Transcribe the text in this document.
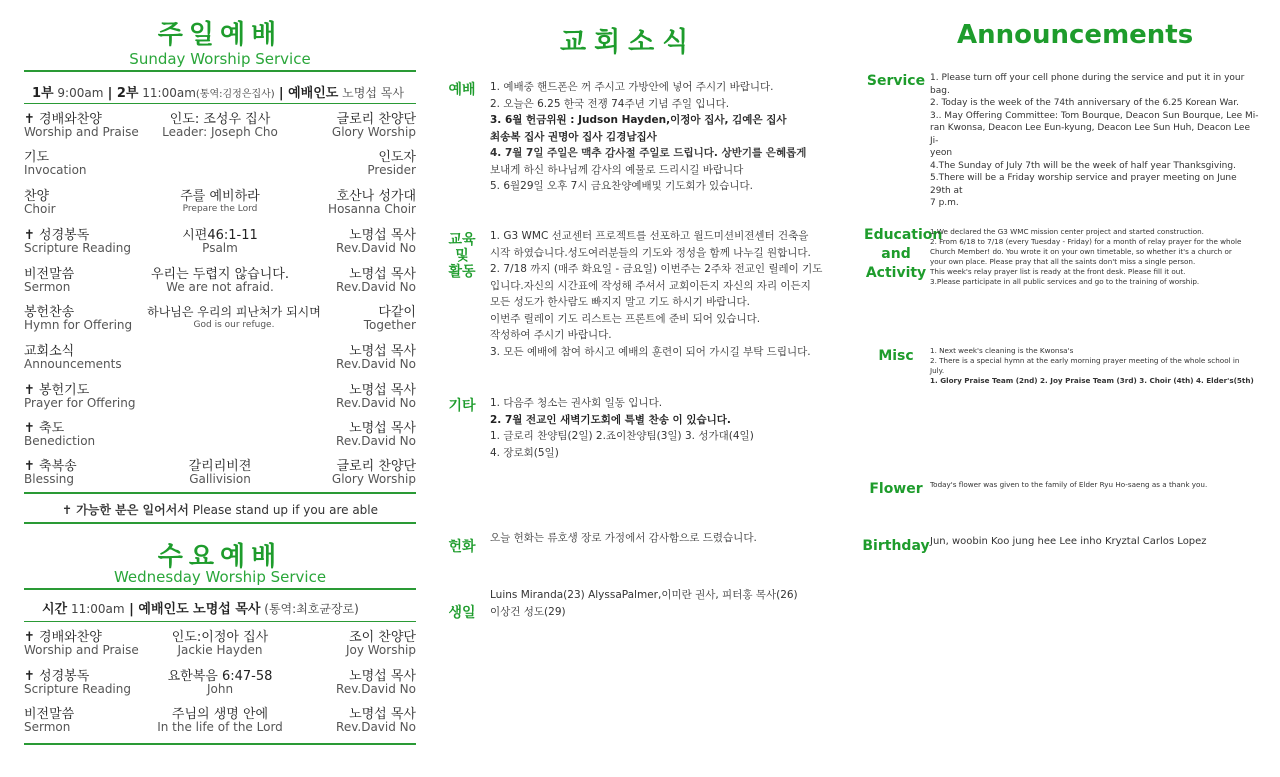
주일예배
Sunday Worship Service
1부 9:00am | 2부 11:00am(통역:김정은집사) | 예배인도 노명섭 목사
✝ 경배와찬양
Worship and Praise
인도: 조성우 집사
Leader: Joseph Cho
글로리 찬양단
Glory Worship
기도
Invocation
인도자
Presider
찬양
Choir
주를 예비하라
Prepare the Lord
호산나 성가대
Hosanna Choir
✝ 성경봉독
Scripture Reading
시편46:1-11
Psalm
노명섭 목사
Rev.David No
비전말씀
Sermon
우리는 두렵지 않습니다.
We are not afraid.
노명섭 목사
Rev.David No
봉헌찬송
Hymn for Offering
하나님은 우리의 피난처가 되시며
God is our refuge.
다같이
Together
교회소식
Announcements
노명섭 목사
Rev.David No
✝ 봉헌기도
Prayer for Offering
노명섭 목사
Rev.David No
✝ 축도
Benediction
노명섭 목사
Rev.David No
✝ 축복송
Blessing
갈리리비젼
Gallivision
글로리 찬양단
Glory Worship
✝ 가능한 분은 일어서서 Please stand up if you are able
수요예배
Wednesday Worship Service
시간 11:00am | 예배인도 노명섭 목사 (통역:최호균장로)
✝ 경배와찬양
Worship and Praise
인도:이정아 집사
Jackie Hayden
조이 찬양단
Joy Worship
✝ 성경봉독
Scripture Reading
요한복음 6:47-58
John
노명섭 목사
Rev.David No
비전말씀
Sermon
주님의 생명 안에
In the life of the Lord
노명섭 목사
Rev.David No
교회소식
예배 1. 예배중 핸드폰은 꺼 주시고 가방안에 넣어 주시기 바랍니다.
2. 오늘은 6.25 한국 전쟁 74주년 기념 주일 입니다.
3. 6월 헌금위원 : Judson Hayden,이정아 집사, 김예은 집사
최송복 집사 권명아 집사 김경남집사
4. 7월 7일 주일은 맥추 감사절 주일로 드립니다. 상반기를 은혜롭게
보내게 하신 하나님께 감사의 예물로 드리시길 바랍니다
5. 6월29일 오후 7시 금요찬양예배및 기도회가 있습니다.
교육
및
활동
1. G3 WMC 선교센터 프로젝트를 선포하고 월드미션비젼센터 건축을
시작 하였습니다.성도여러분들의 기도와 정성을 함께 나누길 원합니다.
2. 7/18 까지 (매주 화요일 - 금요일) 이번주는 2주차 전교인 릴레이 기도
입니다.자신의 시간표에 작성해 주셔서 교회이든지 자신의 자리 이든지
모든 성도가 한사람도 빠지지 말고 기도 하시기 바랍니다.
이번주 릴레이 기도 리스트는 프론트에 준비 되어 있습니다.
작성하여 주시기 바랍니다.
3. 모든 예배에 참여 하시고 예배의 훈련이 되어 가시길 부탁 드립니다.
기타 1. 다음주 청소는 권사회 일동 입니다.
2. 7월 전교인 새벽기도회에 특별 찬송 이 있습니다.
1. 글로리 찬양팀(2일) 2.죠이찬양팀(3일) 3. 성가대(4일)
4. 장로회(5일)
헌화
오늘 헌화는 류호생 장로 가정에서 감사함으로 드렸습니다.
생일
Luins Miranda(23) AlyssaPalmer,이미란 권사, 피터홍 목사(26)
이상건 성도(29)
Announcements
Service 1. Please turn off your cell phone during the service and put it in your bag.
2. Today is the week of the 74th anniversary of the 6.25 Korean War.
3.. May Offering Committee: Tom Bourque, Deacon Sun Bourque, Lee Mi-
ran Kwonsa, Deacon Lee Eun-kyung, Deacon Lee Sun Huh, Deacon Lee Ji-
yeon
4.The Sunday of July 7th will be the week of half year Thanksgiving.
5.There will be a Friday worship service and prayer meeting on June 29th at
7 p.m.
Education
and
Activity
1.We declared the G3 WMC mission center project and started construction.
2. From 6/18 to 7/18 (every Tuesday - Friday) for a month of relay prayer for the whole
Church Member! do. You wrote it on your own timetable, so whether it's a church or
your own place. Please pray that all the saints don't miss a single person.
This week's relay prayer list is ready at the front desk. Please fill it out.
3.Please participate in all public services and go to the training of worship.
Misc	1. Next week's cleaning is the Kwonsa's
2. There is a special hymn at the early morning prayer meeting of the whole school in
July.
1. Glory Praise Team (2nd) 2. Joy Praise Team (3rd) 3. Choir (4th) 4. Elder's(5th)
Flower	Today's flower was given to the family of Elder Ryu Ho-saeng as a thank you.
Birthday Jun, woobin Koo jung hee Lee inho Kryztal Carlos Lopez
